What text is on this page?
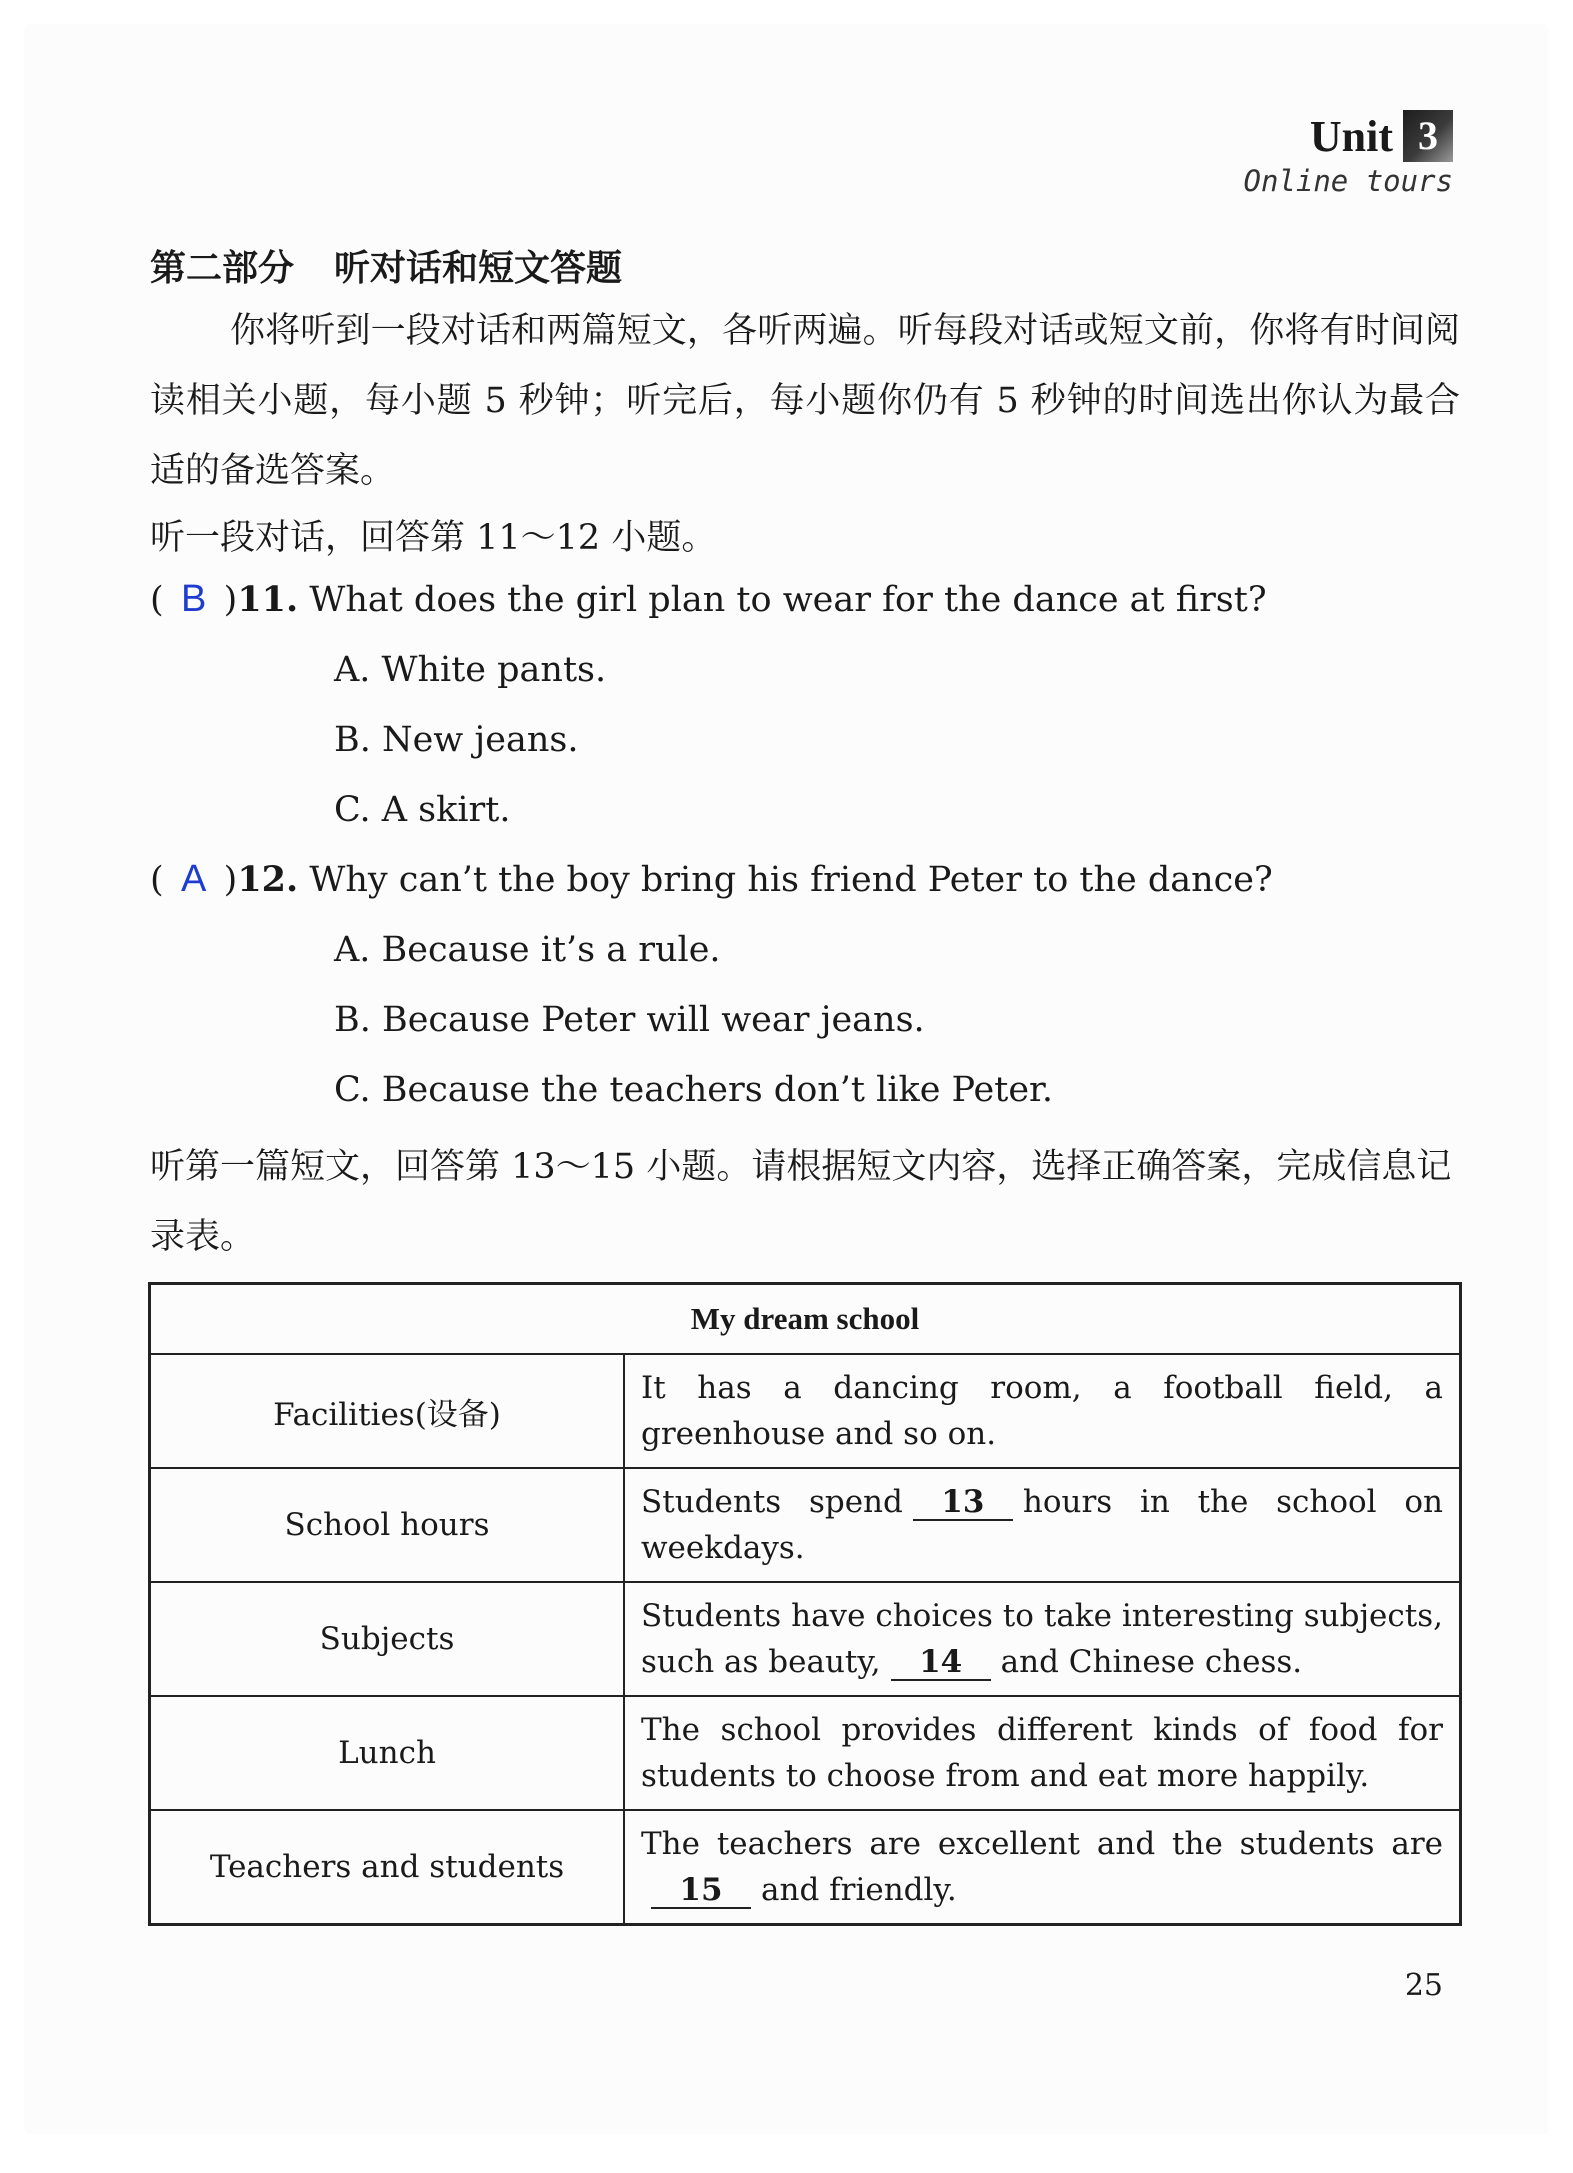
Unit 3
Online tours
第二部分 听对话和短文答题
你将听到一段对话和两篇短文，各听两遍。听每段对话或短文前，你将有时间阅读相关小题，每小题 5 秒钟；听完后，每小题你仍有 5 秒钟的时间选出你认为最合适的备选答案。
听一段对话，回答第 11～12 小题。
( B )11. What does the girl plan to wear for the dance at first?
A. White pants.
B. New jeans.
C. A skirt.
( A )12. Why can’t the boy bring his friend Peter to the dance?
A. Because it’s a rule.
B. Because Peter will wear jeans.
C. Because the teachers don’t like Peter.
听第一篇短文，回答第 13～15 小题。请根据短文内容，选择正确答案，完成信息记录表。
My dream school	
Facilities(设备)	It has a dancing room, a football field, a greenhouse and so on.
School hours	Students spend 13 hours in the school on weekdays.
Subjects	Students have choices to take interesting subjects, such as beauty, 14 and Chinese chess.
Lunch	The school provides different kinds of food for students to choose from and eat more happily.
Teachers and students	The teachers are excellent and the students are15 and friendly.
25
